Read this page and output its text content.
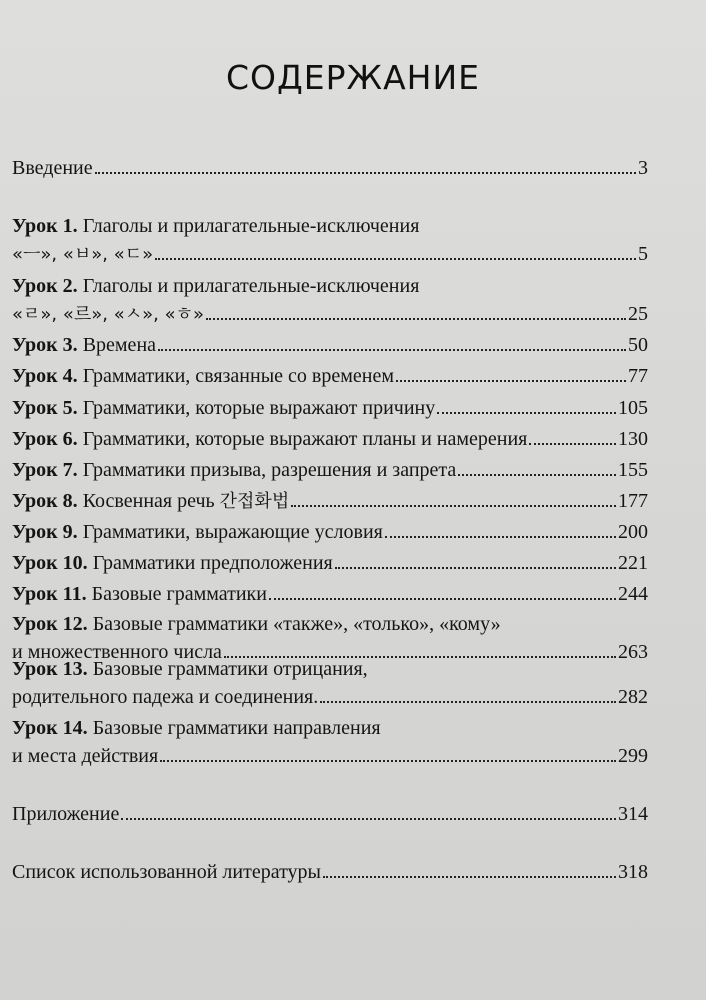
СОДЕРЖАНИЕ
Введение	3
Урок 1. Глаголы и прилагательные-исключения
«ㅡ», «ㅂ», «ㄷ»	5
Урок 2. Глаголы и прилагательные-исключения
«ㄹ», «르», «ㅅ», «ㅎ»	25
Урок 3. Времена	50
Урок 4. Грамматики, связанные со временем	77
Урок 5. Грамматики, которые выражают причину	105
Урок 6. Грамматики, которые выражают планы и намерения	130
Урок 7. Грамматики призыва, разрешения и запрета	155
Урок 8. Косвенная речь 간접화법	177
Урок 9. Грамматики, выражающие условия	200
Урок 10. Грамматики предположения	221
Урок 11. Базовые грамматики	244
Урок 12. Базовые грамматики «также», «только», «кому»
и множественного числа	263
Урок 13. Базовые грамматики отрицания,
родительного падежа и соединения.	282
Урок 14. Базовые грамматики направления
и места действия	299
Приложение	314
Список использованной литературы	318
